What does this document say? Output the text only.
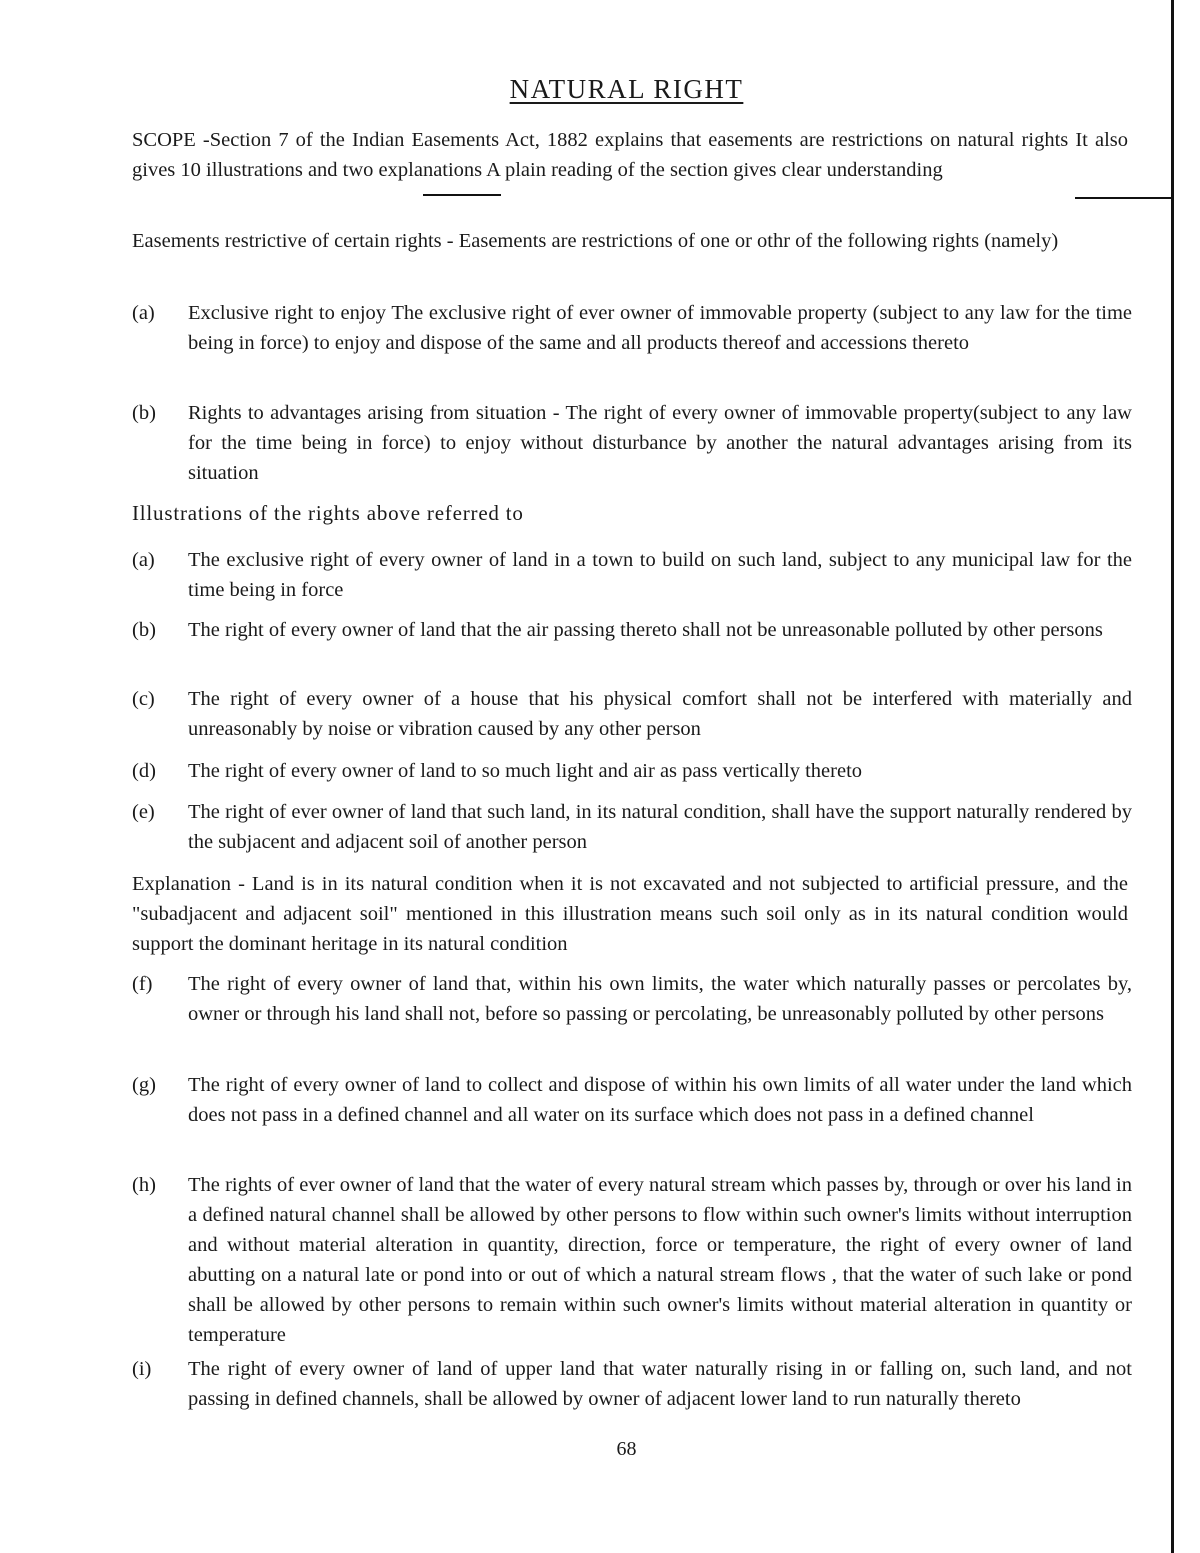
NATURAL RIGHT
SCOPE -Section 7 of the Indian Easements Act, 1882 explains that easements are restrictions on natural rights It also gives 10 illustrations and two explanations A plain reading of the section gives clear understanding
Easements restrictive of certain rights - Easements are restrictions of one or othr of the following rights (namely)
(a)	Exclusive right to enjoy The exclusive right of ever owner of immovable property (subject to any law for the time being in force) to enjoy and dispose of the same and all products thereof and accessions thereto
(b)	Rights to advantages arising from situation - The right of every owner of immovable property(subject to any law for the time being in force) to enjoy without disturbance by another the natural advantages arising from its situation
Illustrations of the rights above referred to
(a)	The exclusive right of every owner of land in a town to build on such land, subject to any municipal law for the time being in force
(b)	The right of every owner of land that the air passing thereto shall not be unreasonable polluted by other persons
(c)	The right of every owner of a house that his physical comfort shall not be interfered with materially and unreasonably by noise or vibration caused by any other person
(d)	The right of every owner of land to so much light and air as pass vertically thereto
(e)	The right of ever owner of land that such land, in its natural condition, shall have the support naturally rendered by the subjacent and adjacent soil of another person
Explanation - Land is in its natural condition when it is not excavated and not subjected to artificial pressure, and the "subadjacent and adjacent soil" mentioned in this illustration means such soil only as in its natural condition would support the dominant heritage in its natural condition
(f)	The right of every owner of land that, within his own limits, the water which naturally passes or percolates by, owner or through his land shall not, before so passing or percolating, be unreasonably polluted by other persons
(g)	The right of every owner of land to collect and dispose of within his own limits of all water under the land which does not pass in a defined channel and all water on its surface which does not pass in a defined channel
(h)	The rights of ever owner of land that the water of every natural stream which passes by, through or over his land in a defined natural channel shall be allowed by other persons to flow within such owner's limits without interruption and without material alteration in quantity, direction, force or temperature, the right of every owner of land abutting on a natural late or pond into or out of which a natural stream flows , that the water of such lake or pond shall be allowed by other persons to remain within such owner's limits without material alteration in quantity or temperature
(i)	The right of every owner of land of upper land that water naturally rising in or falling on, such land, and not passing in defined channels, shall be allowed by owner of adjacent lower land to run naturally thereto
68
